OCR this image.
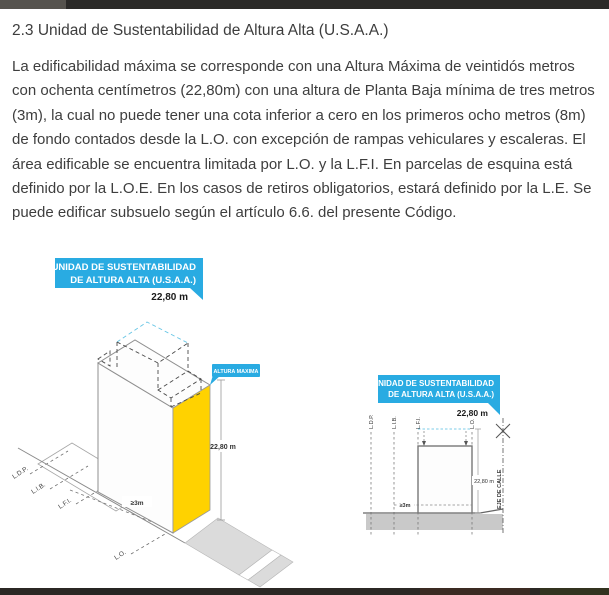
2.3 Unidad de Sustentabilidad de Altura Alta (U.S.A.A.)
La edificabilidad máxima se corresponde con una Altura Máxima de veintidós metros con ochenta centímetros (22,80m) con una altura de Planta Baja mínima de tres metros (3m), la cual no puede tener una cota inferior a cero en los primeros ocho metros (8m) de fondo contados desde la L.O. con excepción de rampas vehiculares y escaleras. El área edificable se encuentra limitada por L.O. y la L.F.I. En parcelas de esquina está definido por la L.O.E. En los casos de retiros obligatorios, estará definido por la L.E. Se puede edificar subsuelo según el artículo 6.6. del presente Código.
L.D.P.
L.I.B.
L.F.I.
L.O.
≥3m
22,80 m
ALTURA MAXIMA
UNIDAD DE SUSTENTABILIDAD
DE ALTURA ALTA (U.S.A.A.)
22,80 m
L.D.P.	L.I.B.	L.F.I.	L.O.
≥3m
22,80 m EJE DE CALLE
UNIDAD DE SUSTENTABILIDAD
DE ALTURA ALTA (U.S.A.A.)
22,80 m
